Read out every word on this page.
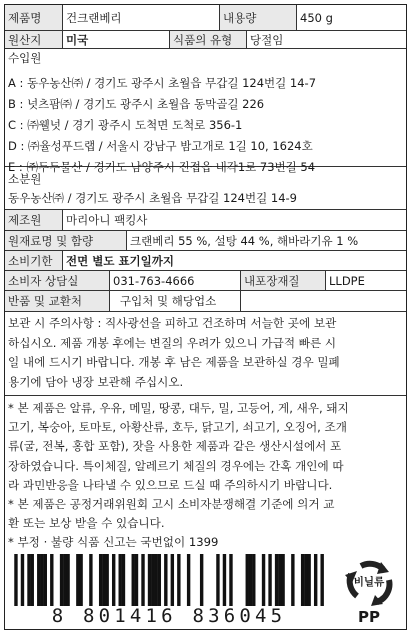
제품명	건크랜베리	내용량	450 g
원산지	미국	식품의 유형	당절임
수입원

A : 동우농산㈜ / 경기도 광주시 초월읍 무갑길 124번길 14-7
B : 넛츠팜㈜ / 경기도 광주시 초월읍 동막골길 226
C : ㈜웰넛 / 경기 광주시 도척면 도척로 356-1
D : ㈜율성푸드랩 / 서울시 강남구 밤고개로 1길 10, 1624호
E : ㈜두두물산 / 경기도 남양주시 진접읍 내각1로 73번길 54
소분원
동우농산㈜ / 경기도 광주시 초월읍 무갑길 124번길 14-9
제조원	마리아니 팩킹사
원재료명 및 함량	크랜베리 55 %, 설탕 44 %, 해바라기유 1 %
소비기한	전면 별도 표기일까지
소비자 상담실	031-763-4666	내포장재질	LLDPE
반품 및 교환처	구입처 및 해당업소
보관 시 주의사항 : 직사광선을 피하고 건조하며 서늘한 곳에 보관
하십시오. 제품 개봉 후에는 변질의 우려가 있으니 가급적 빠른 시
일 내에 드시기 바랍니다. 개봉 후 남은 제품을 보관하실 경우 밀폐
용기에 담아 냉장 보관해 주십시오.
* 본 제품은 알류, 우유, 메밀, 땅콩, 대두, 밀, 고등어, 게, 새우, 돼지
고기, 복숭아, 토마토, 아황산류, 호두, 닭고기, 쇠고기, 오징어, 조개
류(굴, 전복, 홍합 포함), 잣을 사용한 제품과 같은 생산시설에서 포
장하였습니다. 특이체질, 알레르기 체질의 경우에는 간혹 개인에 따
라 과민반응을 나타낼 수 있으므로 드실 때 주의하시기 바랍니다.
* 본 제품은 공정거래위원회 고시 소비자분쟁해결 기준에 의거 교
환 또는 보상 받을 수 있습니다.
* 부정 · 불량 식품 신고는 국번없이 1399
8 801416 836045
비닐류
PP
